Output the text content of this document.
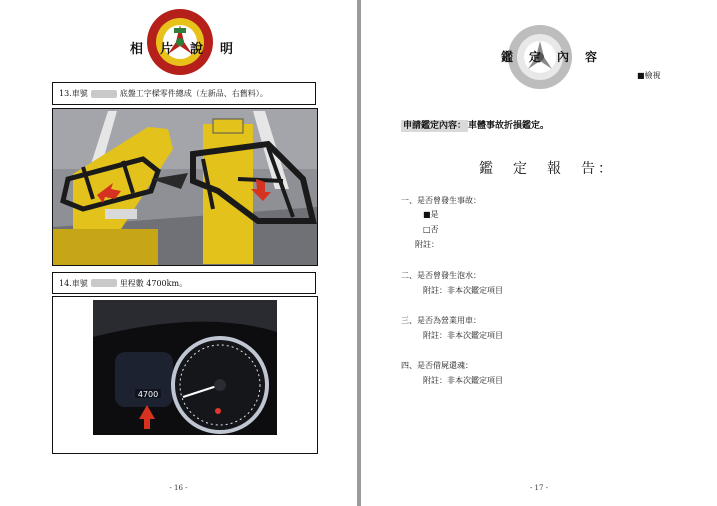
相　片　說　明
13.車號	底盤工字樑零件總成（左新品、右舊料）。
14.車號	里程數 4700km。
4700
- 16 -
鑑　定　內　容
■檢視
申請鑑定內容： 車體事故折損鑑定。
鑑　定　報　告：
一、是否曾發生事故：
■是
□否
附註：
二、是否曾發生泡水：
附註：非本次鑑定項目
三、是否為營業用車：
附註：非本次鑑定項目
四、是否借屍還魂：
附註：非本次鑑定項目
- 17 -
